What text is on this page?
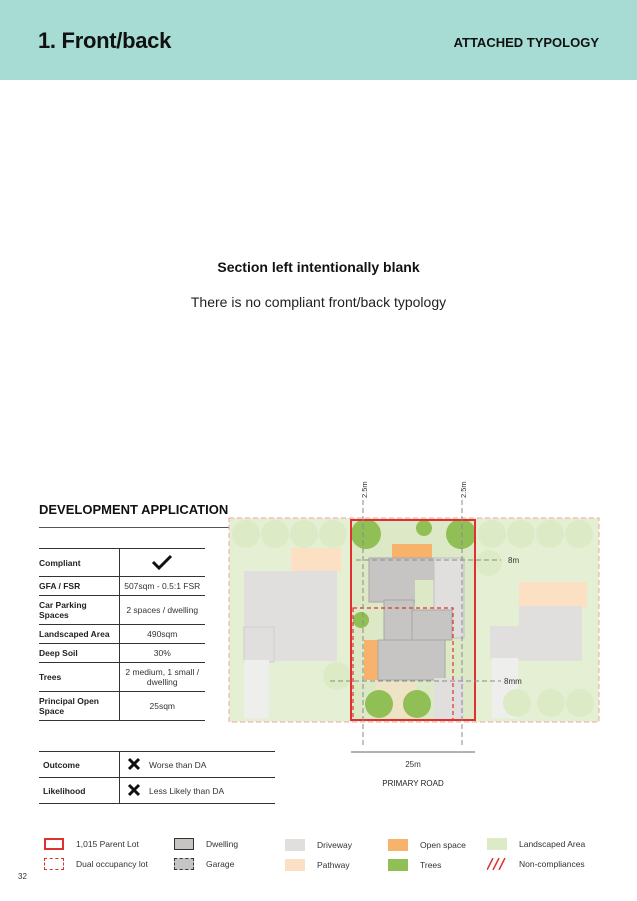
1. Front/back	ATTACHED TYPOLOGY
Section left intentionally blank
There is no compliant front/back typology
DEVELOPMENT APPLICATION
Compliant	
GFA / FSR	507sqm - 0.5:1 FSR
Car Parking Spaces	2 spaces / dwelling
Landscaped Area	490sqm
Deep Soil	30%
Trees	2 medium, 1 small / dwelling
Principal Open Space	25sqm
Outcome		Worse than DA
Likelihood		Less Likely than DA
2.5m	2.5m
8m
8mm
25m
PRIMARY ROAD
1,015 Parent Lot
Dual occupancy lot
Dwelling
Garage
Driveway
Pathway
Open space
Trees
Landscaped Area
Non-compliances
32
